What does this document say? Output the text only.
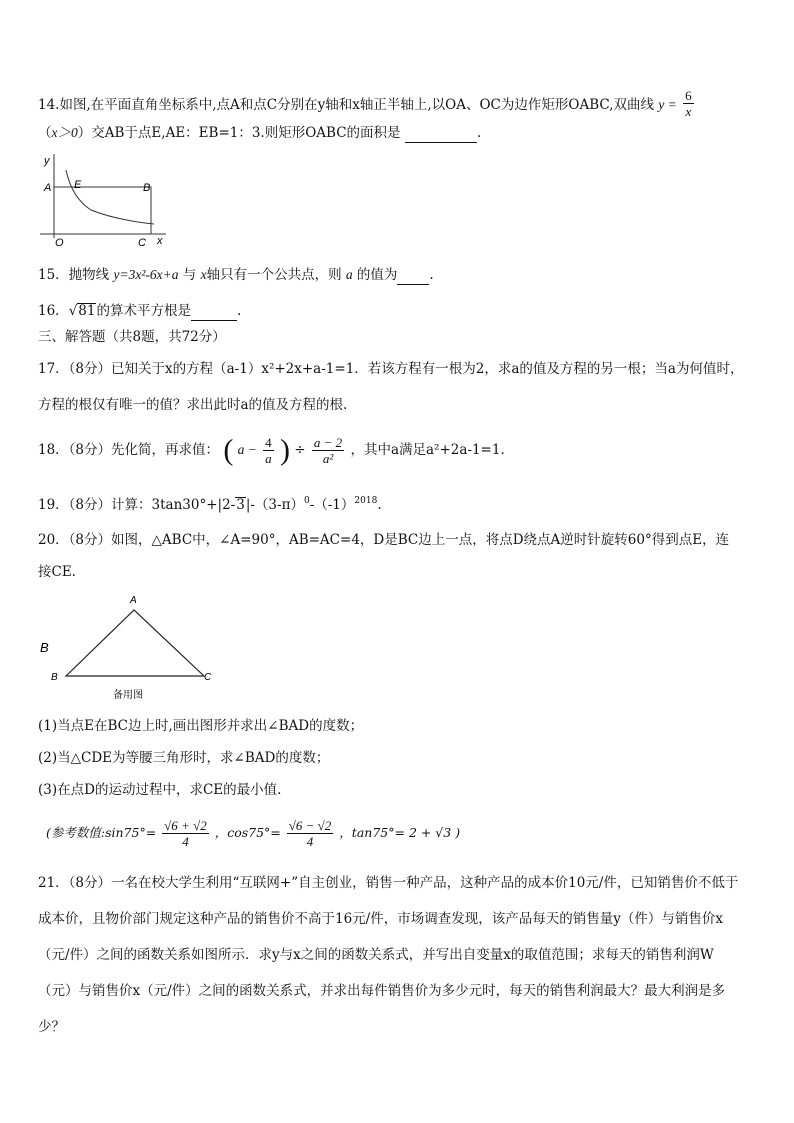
14.如图,在平面直角坐标系中,点A和点C分别在y轴和x轴正半轴上,以OA、OC为边作矩形OABC,双曲线 $y = \frac{6}{x}$
（x＞0）交AB于点E,AE：EB=1：3.则矩形OABC的面积是	.
y
A E	B
O	C x
15．抛物线 y=3x²-6x+a 与 x轴只有一个公共点，则 a 的值为 .
16．√81的算术平方根是	.
三、解答题（共8题，共72分）
17．（8分）已知关于x的方程（a-1）x²+2x+a-1=1．若该方程有一根为2，求a的值及方程的另一根；当a为何值时，
方程的根仅有唯一的值？求出此时a的值及方程的根.
18．（8分）先化简，再求值： ( $a - \frac{4}{a}$ ) ÷ $\frac{a - 2}{\text{a²}}$ ，其中a满足a²+2a-1=1．
19．（8分）计算：$3\tan 30^\circ+|2-3|-(3-\pi)^0-(-1)^{2018}$.
20．（8分）如图，△ABC中，∠A=90°，AB=AC=4，D是BC边上一点，将点D绕点A逆时针旋转60°得到点E，连
接CE.
A
B
B	C
备用图
(1)当点E在BC边上时,画出图形并求出∠BAD的度数；
(2)当△CDE为等腰三角形时，求∠BAD的度数；
(3)在点D的运动过程中，求CE的最小值.
(参考数值:sin75°= $\frac{√6 + √2}{4}$ ，$\cos 75^\circ= \frac{√6 - √2}{4}$ ，tan75°= 2 + √3 )
21．（8分）一名在校大学生利用“互联网+”自主创业，销售一种产品，这种产品的成本价10元/件，已知销售价不低于
成本价，且物价部门规定这种产品的销售价不高于16元/件，市场调查发现，该产品每天的销售量y（件）与销售价x
（元/件）之间的函数关系如图所示．求y与x之间的函数关系式，并写出自变量x的取值范围；求每天的销售利润W
（元）与销售价x（元/件）之间的函数关系式，并求出每件销售价为多少元时，每天的销售利润最大？最大利润是多
少？
